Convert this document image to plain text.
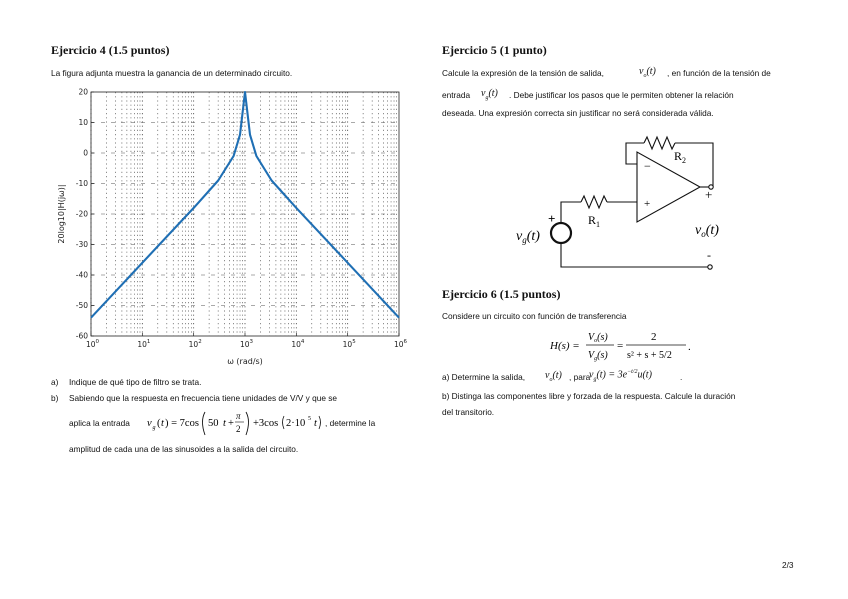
Ejercicio 4 (1.5 puntos)
La figura adjunta muestra la ganancia de un determinado circuito.
$10^0$	$10^1$	$10^2$	$10^3$	$10^4$	$10^5$	$10^6$
20
10
0
-10
-20
-30
-40
-50
-60
ω (rad/s)
20log10|H(jω)|
a) Indique de qué tipo de filtro se trata.
b) Sabiendo que la respuesta en frecuencia tiene unidades de V/V y que se
aplica la entrada v g ( t ) = 7cos 50 t +
π
2 +3cos 2·10 5 t , determine la
amplitud de cada una de las sinusoides a la salida del circuito.
Ejercicio 5 (1 punto)
Calcule la expresión de la tensión de salida,	$v_o(t)$ , en función de la tensión de
entrada $v_g(t)$ . Debe justificar los pasos que le permiten obtener la relación
deseada. Una expresión correcta sin justificar no será considerada válida.
−
+
$R_2$
$R_1$
+
$v_g(t)$
+
$v_o(t)$
-
Ejercicio 6 (1.5 puntos)
Considere un circuito con función de transferencia
H(s) =
$V_o(s)$
$V_g(s)$
=
2
s² + s + 5/2
.
a) Determine la salida, $v_o(t)$ , para
$v_g(t) = 3e^{-t/2}u(t)$	.
b) Distinga las componentes libre y forzada de la respuesta. Calcule la duración
del transitorio.
2/3
